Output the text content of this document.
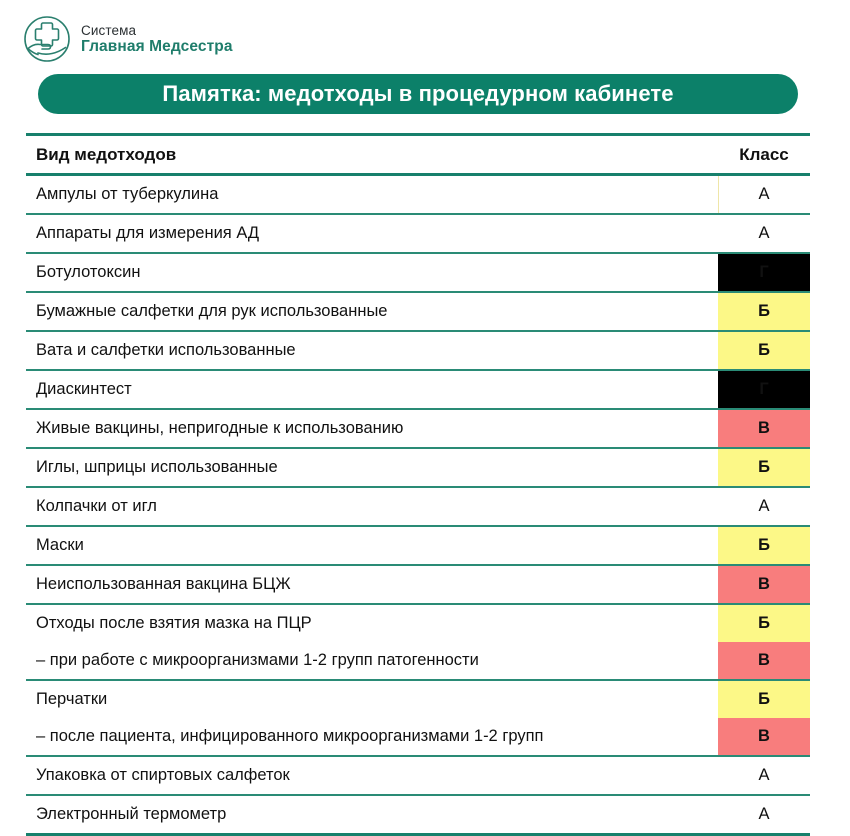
Система
Главная Медсестра
Памятка: медотходы в процедурном кабинете
Вид медотходов	Класс
Ампулы от туберкулина	А
Аппараты для измерения АД	А
Ботулотоксин	Г
Бумажные салфетки для рук использованные	Б
Вата и салфетки использованные	Б
Диаскинтест	Г
Живые вакцины, непригодные к использованию	В
Иглы, шприцы использованные	Б
Колпачки от игл	А
Маски	Б
Неиспользованная вакцина БЦЖ	В
Отходы после взятия мазка на ПЦР	Б
– при работе с микроорганизмами 1-2 групп патогенности	В
Перчатки	Б
– после пациента, инфицированного микроорганизмами 1-2 групп	В
Упаковка от спиртовых салфеток	А
Электронный термометр	А
